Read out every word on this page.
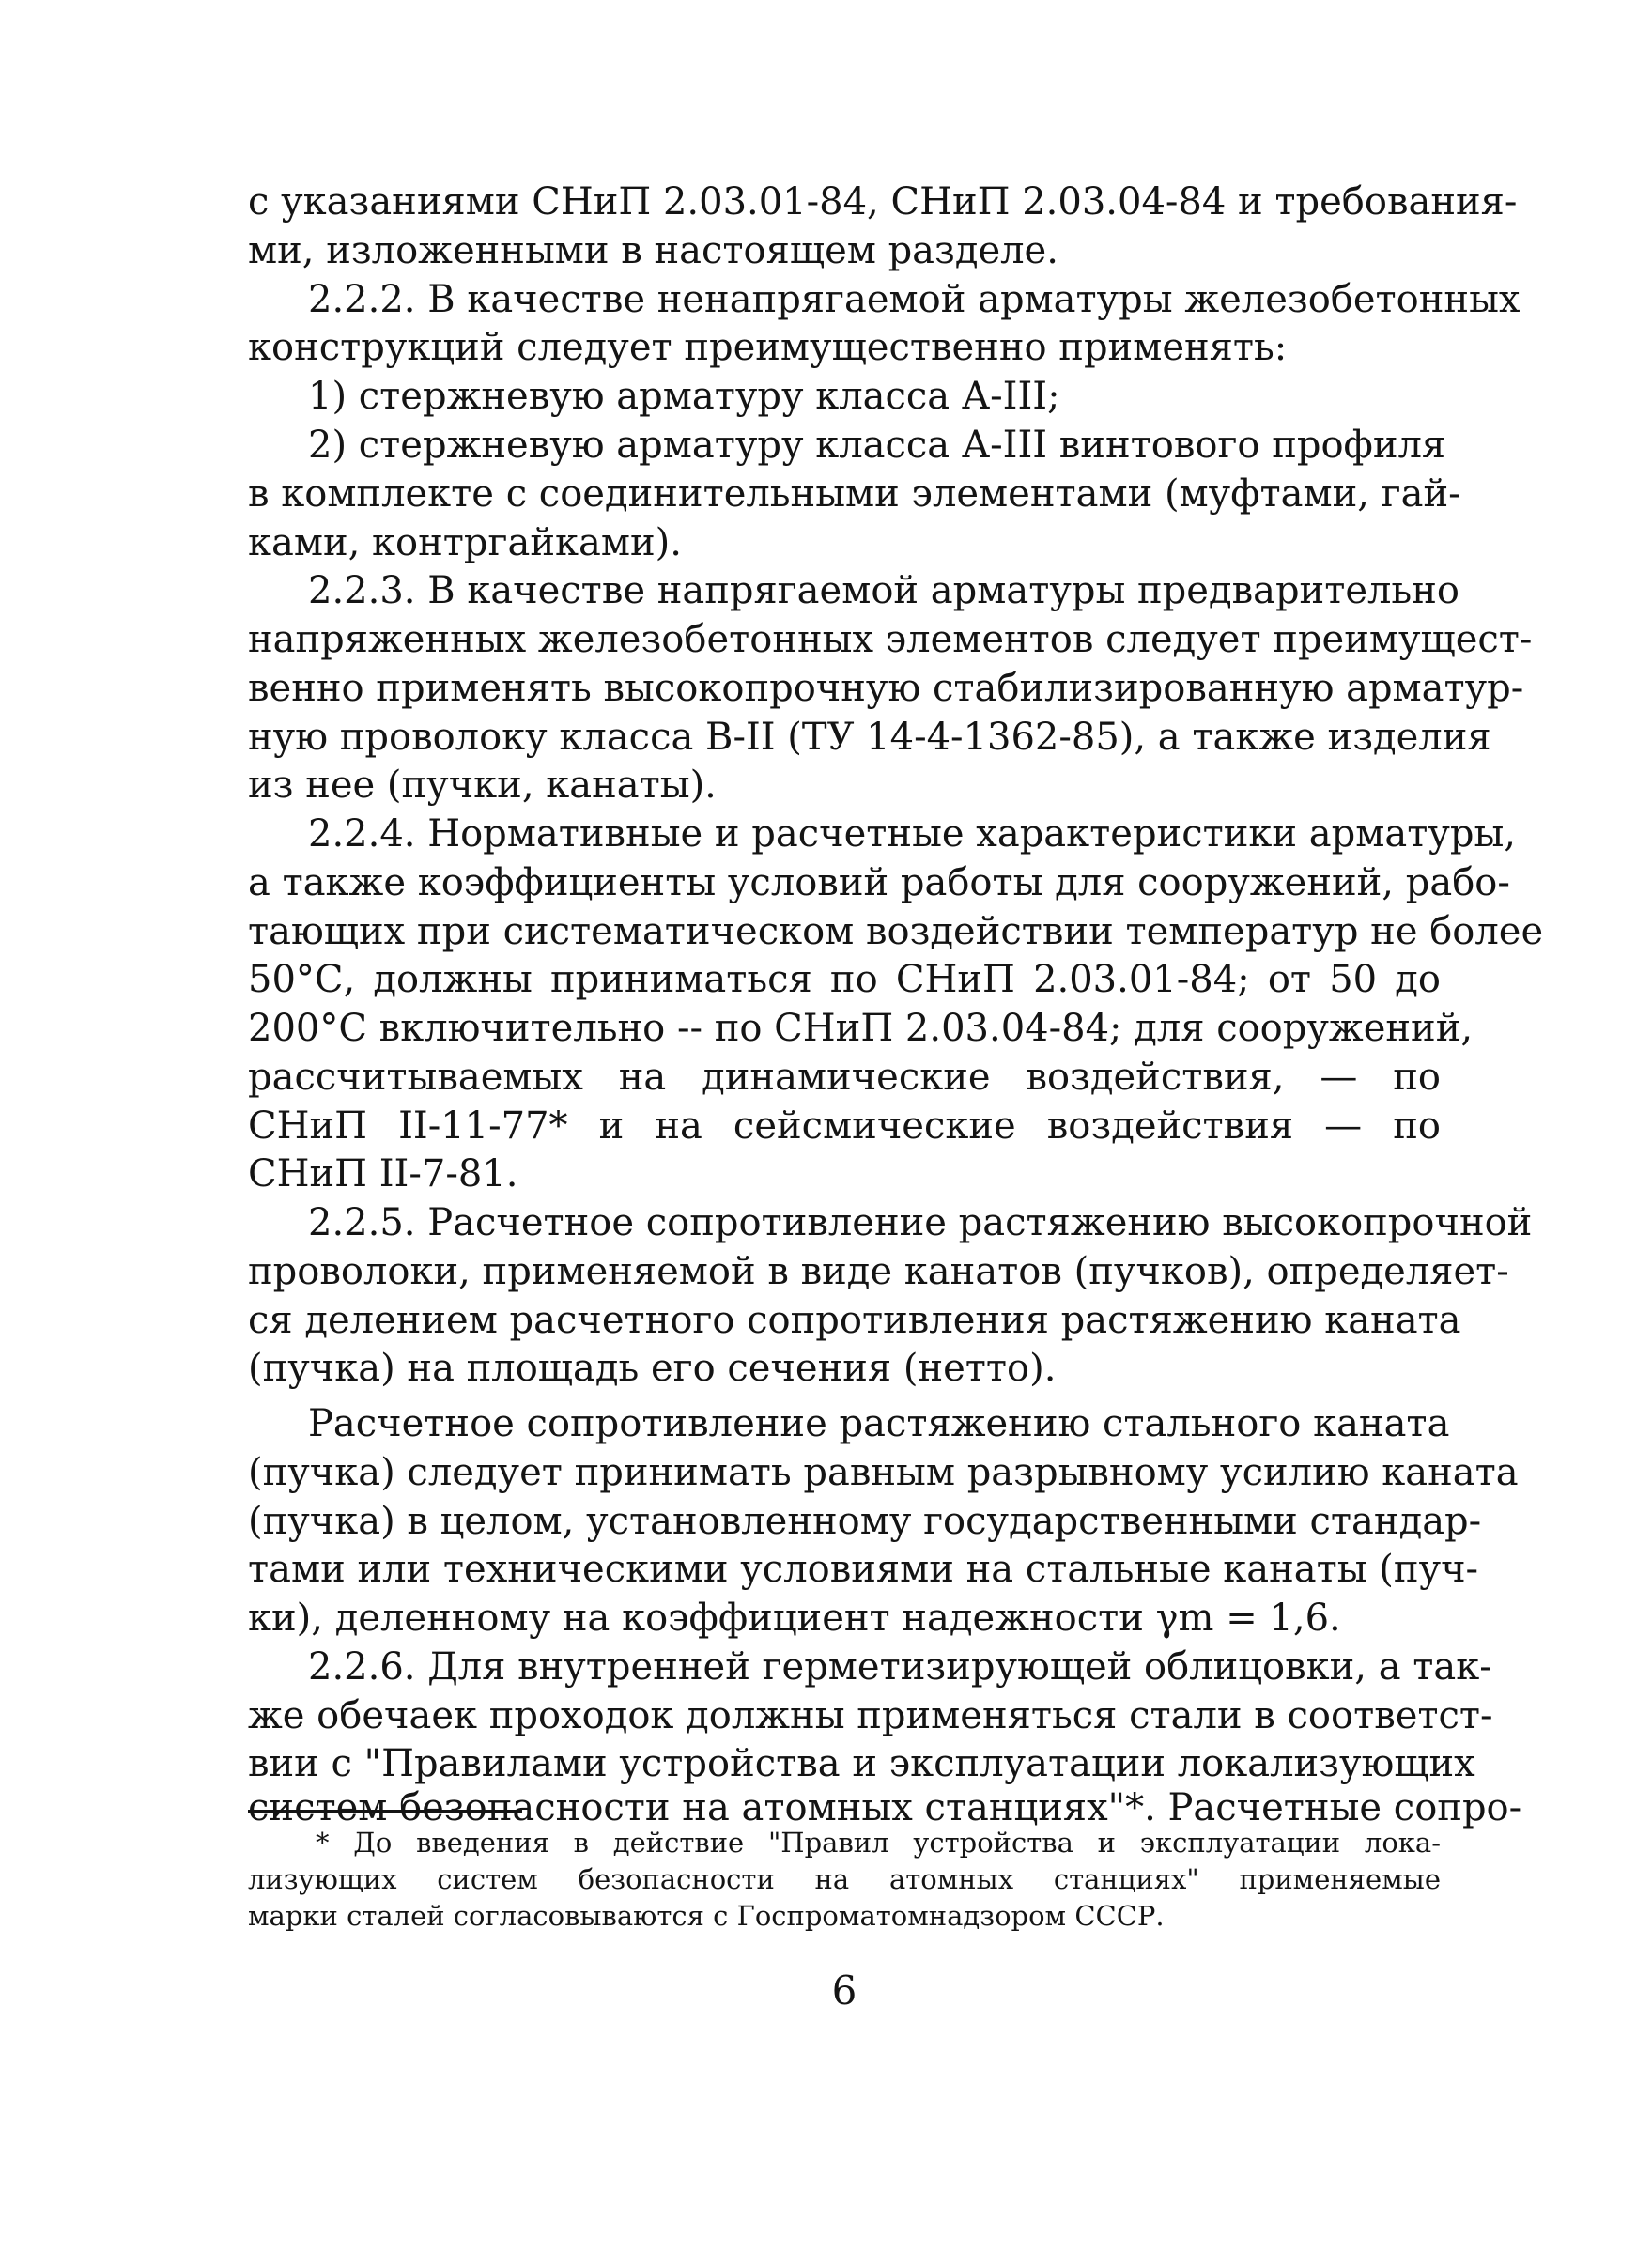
с указаниями СНиП 2.03.01-84, СНиП 2.03.04-84 и требования-
ми, изложенными в настоящем разделе.
2.2.2. В качестве ненапрягаемой арматуры железобетонных
конструкций следует преимущественно применять:
1) стержневую арматуру класса А-III;
2) стержневую арматуру класса А-III винтового профиля
в комплекте с соединительными элементами (муфтами, гай-
ками, контргайками).
2.2.3. В качестве напрягаемой арматуры предварительно
напряженных железобетонных элементов следует преимущест-
венно применять высокопрочную стабилизированную арматур-
ную проволоку класса В-II (ТУ 14-4-1362-85), а также изделия
из нее (пучки, канаты).
2.2.4. Нормативные и расчетные характеристики арматуры,
а также коэффициенты условий работы для сооружений, рабо-
тающих при систематическом воздействии температур не более
50°С, должны приниматься по СНиП 2.03.01-84; от 50 до
200°С включительно -- по СНиП 2.03.04-84; для сооружений,
рассчитываемых на динамические воздействия, — по
СНиП II-11-77* и на сейсмические воздействия — по
СНиП II-7-81.
2.2.5. Расчетное сопротивление растяжению высокопрочной
проволоки, применяемой в виде канатов (пучков), определяет-
ся делением расчетного сопротивления растяжению каната
(пучка) на площадь его сечения (нетто).
Расчетное сопротивление растяжению стального каната
(пучка) следует принимать равным разрывному усилию каната
(пучка) в целом, установленному государственными стандар-
тами или техническими условиями на стальные канаты (пуч-
ки), деленному на коэффициент надежности γm = 1,6.
2.2.6. Для внутренней герметизирующей облицовки, а так-
же обечаек проходок должны применяться стали в соответст-
вии с "Правилами устройства и эксплуатации локализующих
систем безопасности на атомных станциях"*. Расчетные сопро-
* До введения в действие "Правил устройства и эксплуатации лока-
лизующих систем безопасности на атомных станциях" применяемые
марки сталей согласовываются с Госпроматомнадзором СССР.
6
